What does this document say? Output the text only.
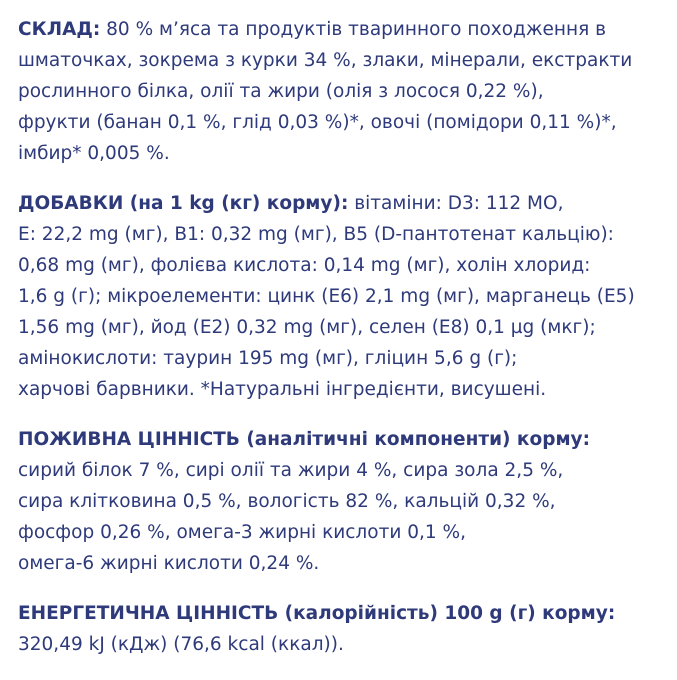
СКЛАД: 80 % м’яса та продуктів тваринного походження в
шматочках, зокрема з курки 34 %, злаки, мінерали, екстракти
рослинного білка, олії та жири (олія з лосося 0,22 %),
фрукти (банан 0,1 %, глід 0,03 %)*, овочі (помідори 0,11 %)*,
імбир* 0,005 %.
ДОБАВКИ (на 1 kg (кг) корму): вітаміни: D3: 112 МО,
E: 22,2 mg (мг), B1: 0,32 mg (мг), B5 (D-пантотенат кальцію):
0,68 mg (мг), фолієва кислота: 0,14 mg (мг), холін хлорид:
1,6 g (г); мікроелементи: цинк (E6) 2,1 mg (мг), марганець (E5)
1,56 mg (мг), йод (E2) 0,32 mg (мг), селен (E8) 0,1 µg (мкг);
амінокислоти: таурин 195 mg (мг), гліцин 5,6 g (г);
харчові барвники. *Натуральні інгредієнти, висушені.
ПОЖИВНА ЦІННІСТЬ (аналітичні компоненти) корму:
сирий білок 7 %, сирі олії та жири 4 %, сира зола 2,5 %,
сира клітковина 0,5 %, вологість 82 %, кальцій 0,32 %,
фосфор 0,26 %, омега-3 жирні кислоти 0,1 %,
омега-6 жирні кислоти 0,24 %.
ЕНЕРГЕТИЧНА ЦІННІСТЬ (калорійність) 100 g (г) корму:
320,49 kJ (кДж) (76,6 kcal (ккал)).
